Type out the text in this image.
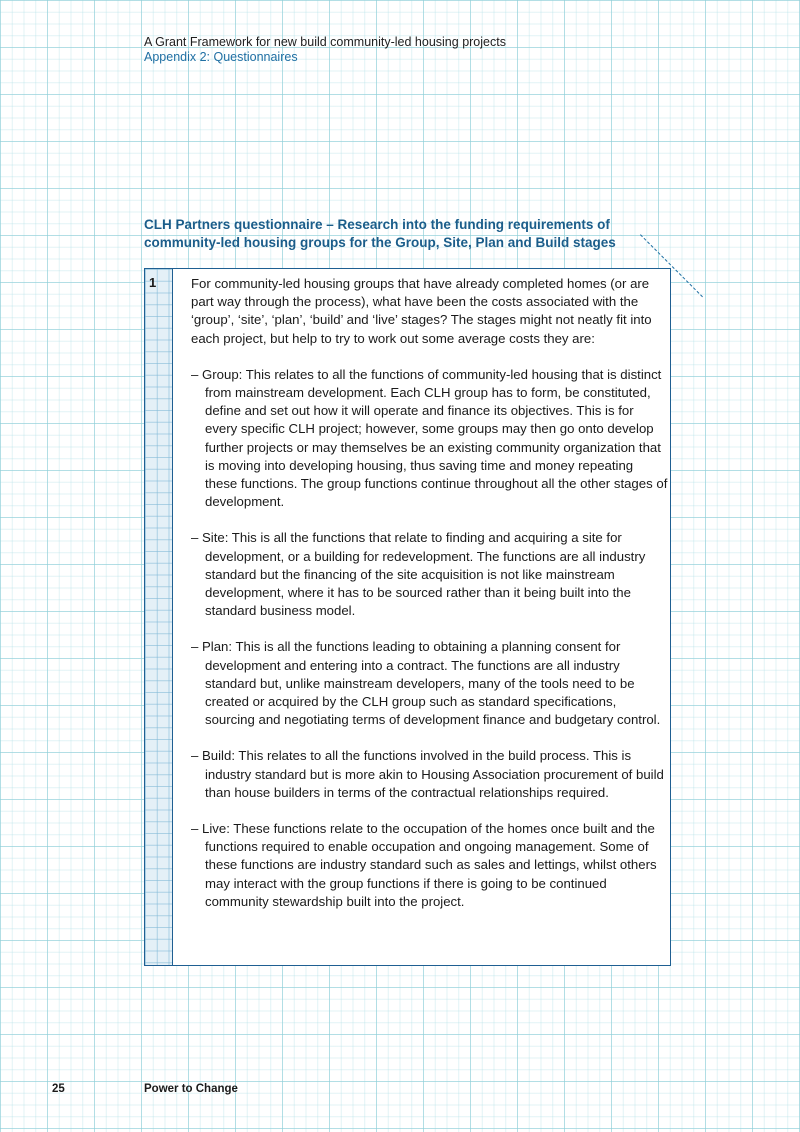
A Grant Framework for new build community-led housing projects
Appendix 2: Questionnaires
CLH Partners questionnaire – Research into the funding requirements of community-led housing groups for the Group, Site, Plan and Build stages
1	For community-led housing groups that have already completed homes (or are part way through the process), what have been the costs associated with the ‘group’, ‘site’, ‘plan’, ‘build’ and ‘live’ stages? The stages might not neatly fit into each project, but help to try to work out some average costs they are:

– Group: This relates to all the functions of community-led housing that is distinct from mainstream development. Each CLH group has to form, be constituted, define and set out how it will operate and finance its objectives. This is for every specific CLH project; however, some groups may then go onto develop further projects or may themselves be an existing community organization that is moving into developing housing, thus saving time and money repeating these functions. The group functions continue throughout all the other stages of development.

– Site: This is all the functions that relate to finding and acquiring a site for development, or a building for redevelopment. The functions are all industry standard but the financing of the site acquisition is not like mainstream development, where it has to be sourced rather than it being built into the standard business model.

– Plan: This is all the functions leading to obtaining a planning consent for development and entering into a contract. The functions are all industry standard but, unlike mainstream developers, many of the tools need to be created or acquired by the CLH group such as standard specifications, sourcing and negotiating terms of development finance and budgetary control.

– Build: This relates to all the functions involved in the build process. This is industry standard but is more akin to Housing Association procurement of build than house builders in terms of the contractual relationships required.

– Live: These functions relate to the occupation of the homes once built and the functions required to enable occupation and ongoing management. Some of these functions are industry standard such as sales and lettings, whilst others may interact with the group functions if there is going to be continued community stewardship built into the project.

25	Power to Change
